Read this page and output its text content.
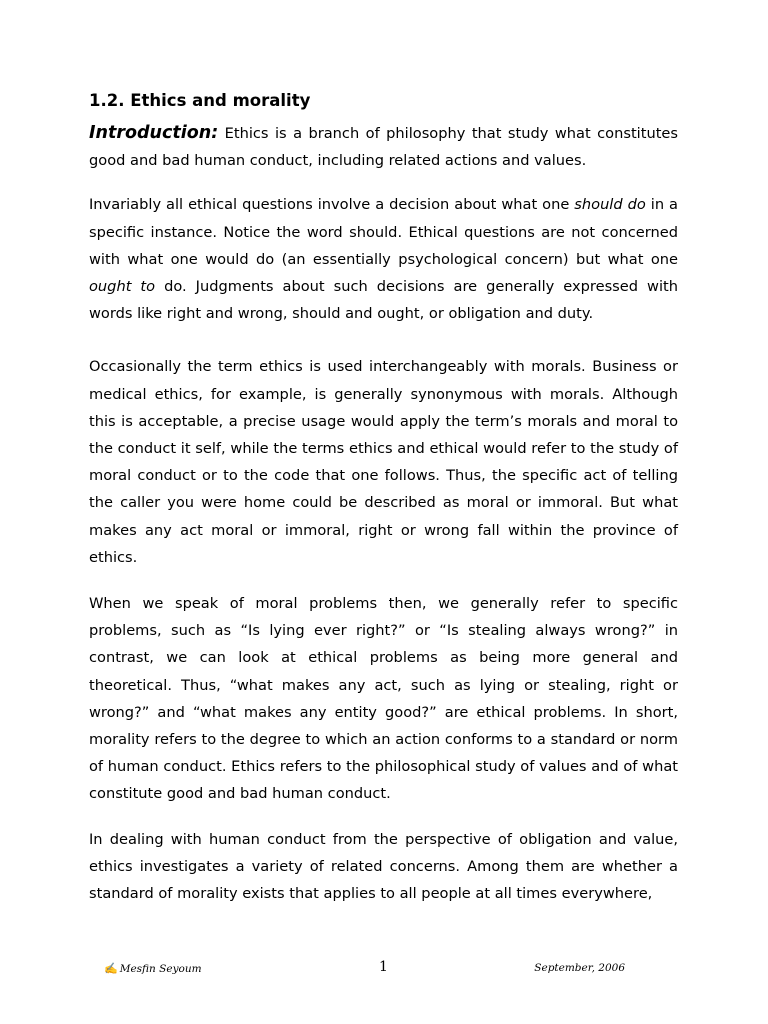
1.2. Ethics and morality

Introduction: Ethics is a branch of philosophy that study what constitutes good and bad human conduct, including related actions and values.

Invariably all ethical questions involve a decision about what one should do in a specific instance. Notice the word should. Ethical questions are not concerned with what one would do (an essentially psychological concern) but what one ought to do. Judgments about such decisions are generally expressed with words like right and wrong, should and ought, or obligation and duty.

Occasionally the term ethics is used interchangeably with morals. Business or medical ethics, for example, is generally synonymous with morals. Although this is acceptable, a precise usage would apply the term’s morals and moral to the conduct it self, while the terms ethics and ethical would refer to the study of moral conduct or to the code that one follows. Thus, the specific act of telling the caller you were home could be described as moral or immoral. But what makes any act moral or immoral, right or wrong fall within the province of ethics.

When we speak of moral problems then, we generally refer to specific problems, such as “Is lying ever right?” or “Is stealing always wrong?” in contrast, we can look at ethical problems as being more general and theoretical. Thus, “what makes any act, such as lying or stealing, right or wrong?” and “what makes any entity good?” are ethical problems. In short, morality refers to the degree to which an action conforms to a standard or norm of human conduct. Ethics refers to the philosophical study of values and of what constitute good and bad human conduct.

In dealing with human conduct from the perspective of obligation and value, ethics investigates a variety of related concerns. Among them are whether a standard of morality exists that applies to all people at all times everywhere,

✍ Mesfin Seyoum	1	September, 2006
